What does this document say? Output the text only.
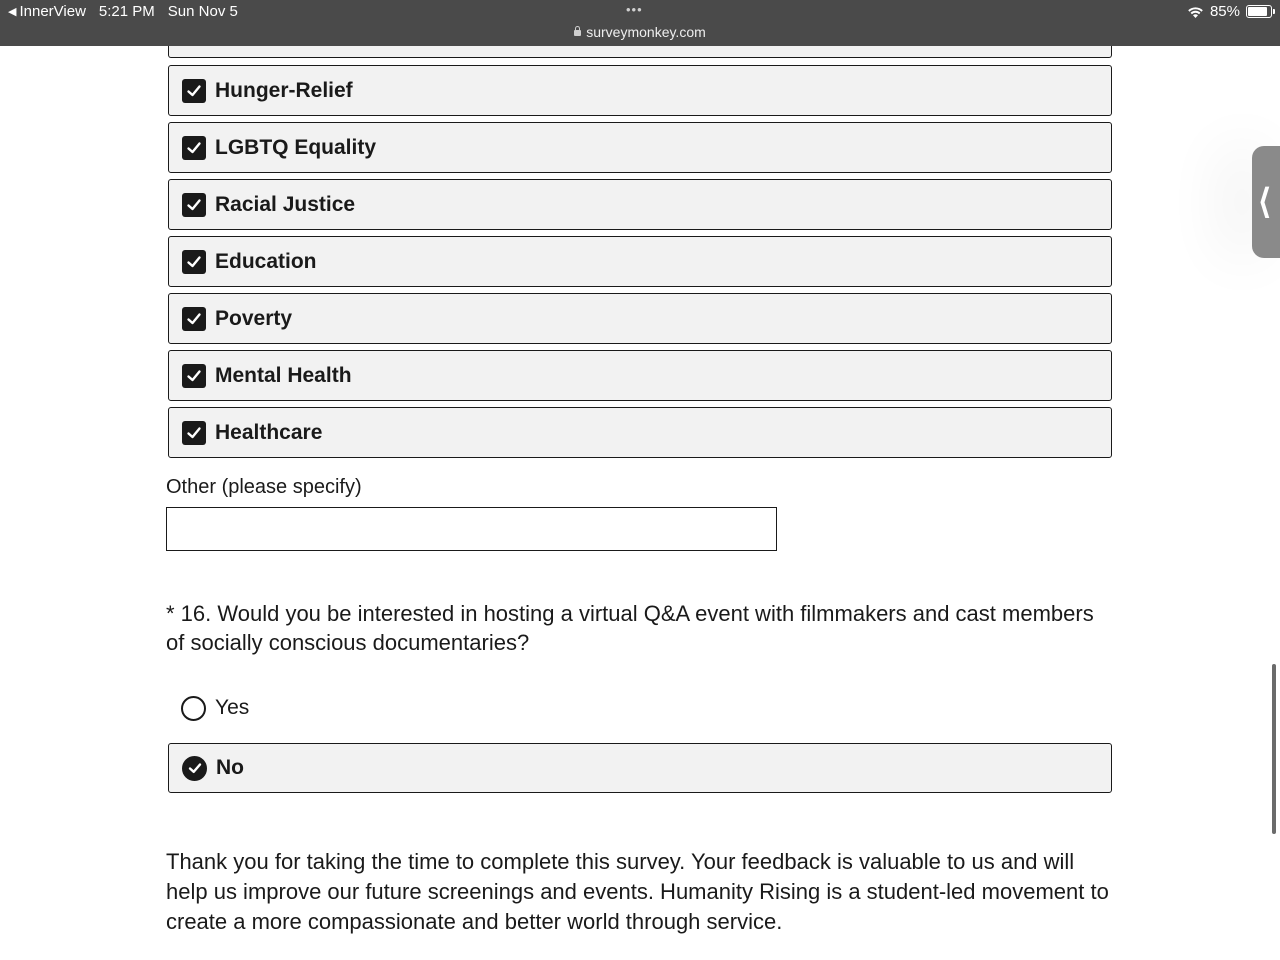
◀ InnerView 5:21 PM Sun Nov 5	•••
surveymonkey.com
85%
Hunger-Relief
LGBTQ Equality
Racial Justice
Education
Poverty
Mental Health
Healthcare
Other (please specify)
* 16. Would you be interested in hosting a virtual Q&A event with filmmakers and cast members of socially conscious documentaries?
Yes
No
Thank you for taking the time to complete this survey. Your feedback is valuable to us and will help us improve our future screenings and events. Humanity Rising is a student-led movement to create a more compassionate and better world through service.
⟨
